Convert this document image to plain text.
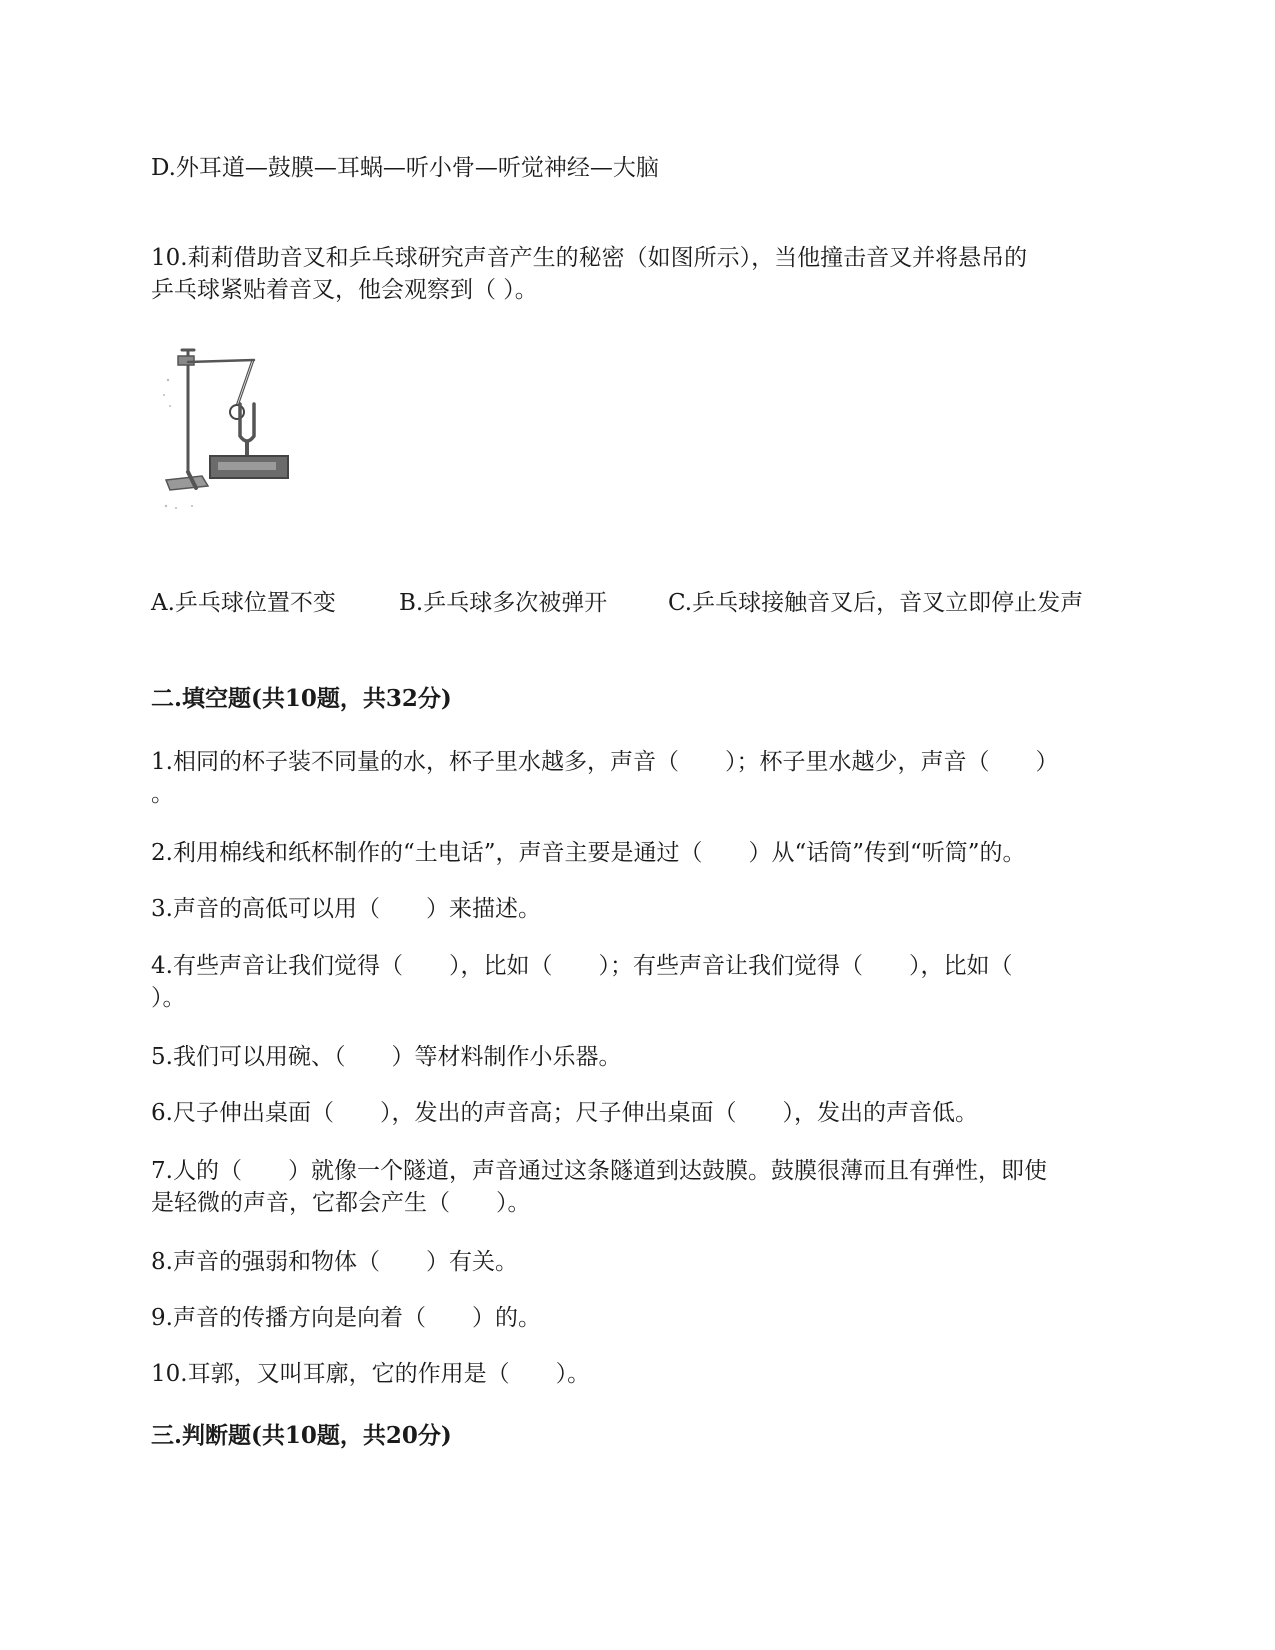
D.外耳道—鼓膜—耳蜗—听小骨—听觉神经—大脑
10.莉莉借助音叉和乒乓球研究声音产生的秘密（如图所示），当他撞击音叉并将悬吊的
乒乓球紧贴着音叉，他会观察到（ ）。
A.乒乓球位置不变	B.乒乓球多次被弹开	C.乒乓球接触音叉后，音叉立即停止发声
二.填空题(共10题，共32分)
1.相同的杯子装不同量的水，杯子里水越多，声音（　　）；杯子里水越少，声音（　　）
。
2.利用棉线和纸杯制作的“土电话”，声音主要是通过（　　）从“话筒”传到“听筒”的。
3.声音的高低可以用（　　）来描述。
4.有些声音让我们觉得（　　），比如（　　）；有些声音让我们觉得（　　），比如（
）。
5.我们可以用碗、（　　）等材料制作小乐器。
6.尺子伸出桌面（　　），发出的声音高；尺子伸出桌面（　　），发出的声音低。
7.人的（　　）就像一个隧道，声音通过这条隧道到达鼓膜。鼓膜很薄而且有弹性，即使
是轻微的声音，它都会产生（　　）。
8.声音的强弱和物体（　　）有关。
9.声音的传播方向是向着（　　）的。
10.耳郭，又叫耳廓，它的作用是（　　）。
三.判断题(共10题，共20分)
